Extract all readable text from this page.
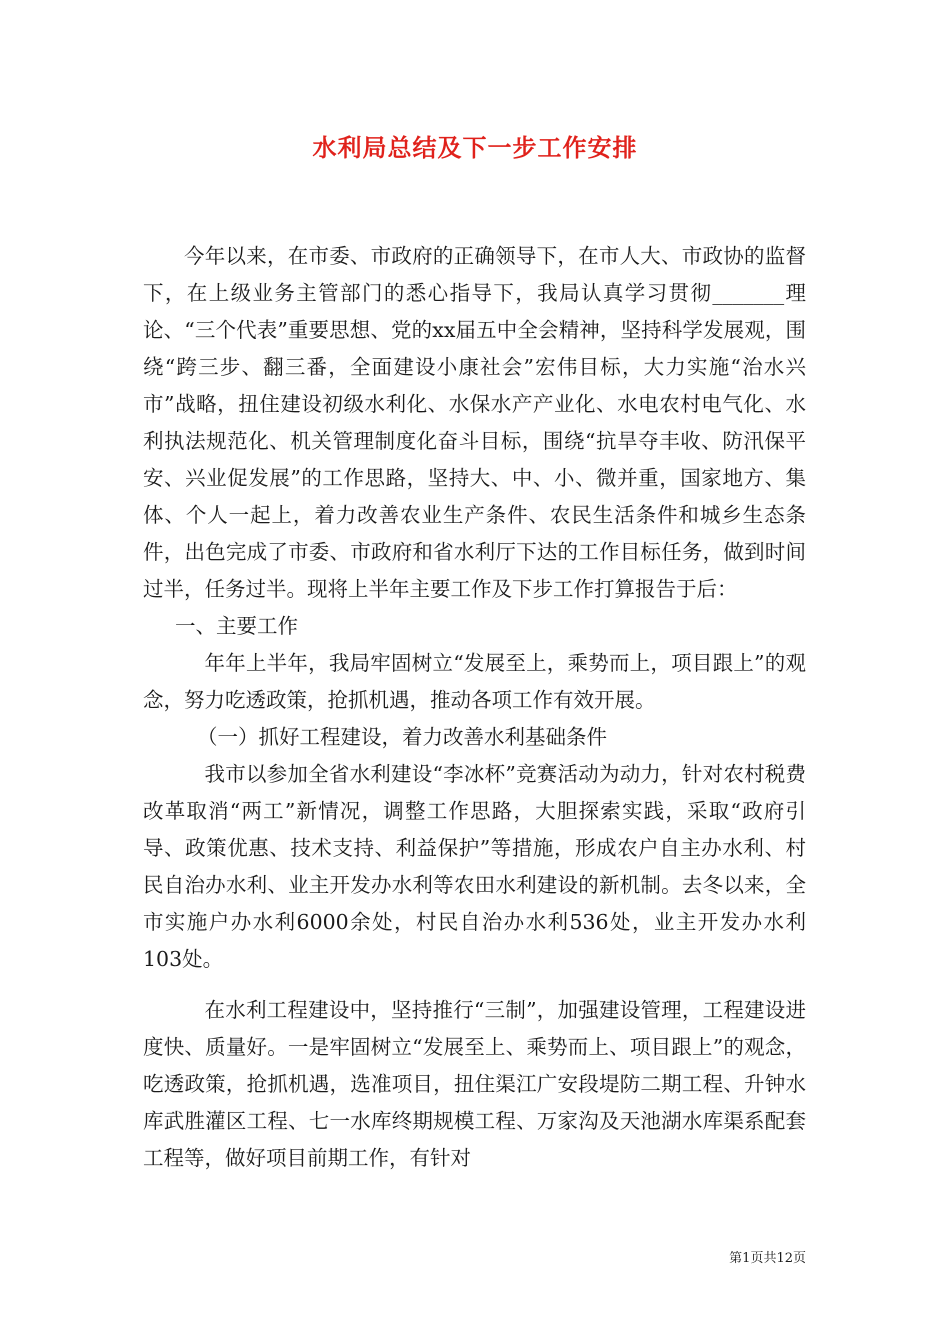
水利局总结及下一步工作安排

今年以来，在市委、市政府的正确领导下，在市人大、市政协的监督下，在上级业务主管部门的悉心指导下，我局认真学习贯彻_______理论、“三个代表”重要思想、党的xx届五中全会精神，坚持科学发展观，围绕“跨三步、翻三番，全面建设小康社会”宏伟目标，大力实施“治水兴市”战略，扭住建设初级水利化、水保水产产业化、水电农村电气化、水利执法规范化、机关管理制度化奋斗目标，围绕“抗旱夺丰收、防汛保平安、兴业促发展”的工作思路，坚持大、中、小、微并重，国家地方、集体、个人一起上，着力改善农业生产条件、农民生活条件和城乡生态条件，出色完成了市委、市政府和省水利厅下达的工作目标任务，做到时间过半，任务过半。现将上半年主要工作及下步工作打算报告于后：

一、主要工作

年年上半年，我局牢固树立“发展至上，乘势而上，项目跟上”的观念，努力吃透政策，抢抓机遇，推动各项工作有效开展。

（一）抓好工程建设，着力改善水利基础条件

我市以参加全省水利建设“李冰杯”竞赛活动为动力，针对农村税费改革取消“两工”新情况，调整工作思路，大胆探索实践，采取“政府引导、政策优惠、技术支持、利益保护”等措施，形成农户自主办水利、村民自治办水利、业主开发办水利等农田水利建设的新机制。去冬以来，全市实施户办水利6000余处，村民自治办水利536处，业主开发办水利103处。

在水利工程建设中，坚持推行“三制”，加强建设管理，工程建设进度快、质量好。一是牢固树立“发展至上、乘势而上、项目跟上”的观念，吃透政策，抢抓机遇，选准项目，扭住渠江广安段堤防二期工程、升钟水库武胜灌区工程、七一水库终期规模工程、万家沟及天池湖水库渠系配套工程等，做好项目前期工作，有针对

第1页共12页
